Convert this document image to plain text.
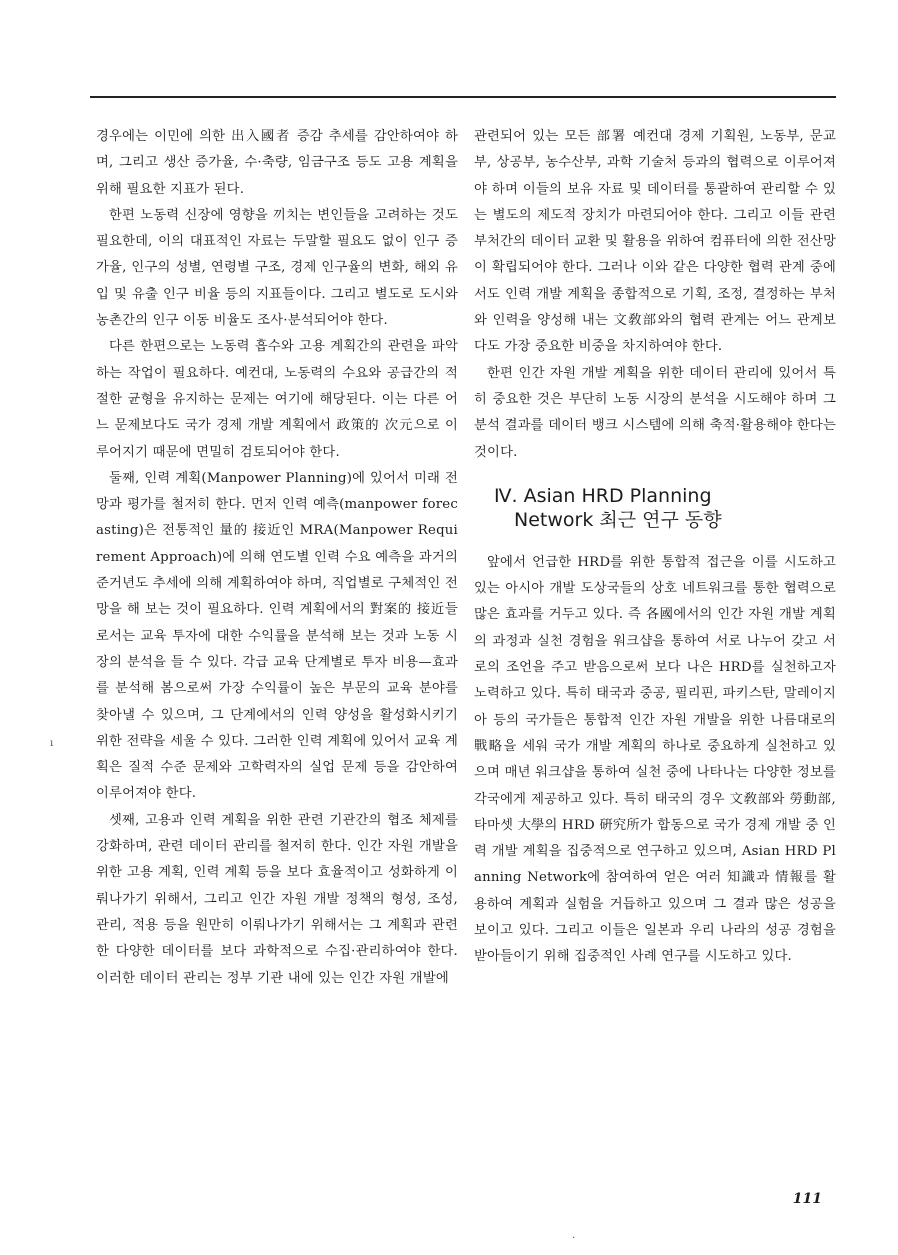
경우에는 이민에 의한 出入國者 증감 추세를 감안하여야 하며, 그리고 생산 증가율, 수·축량, 임금구조 등도 고용 계획을 위해 필요한 지표가 된다.

한편 노동력 신장에 영향을 끼치는 변인들을 고려하는 것도 필요한데, 이의 대표적인 자료는 두말할 필요도 없이 인구 증가율, 인구의 성별, 연령별 구조, 경제 인구율의 변화, 해외 유입 및 유출 인구 비율 등의 지표들이다. 그리고 별도로 도시와 농촌간의 인구 이동 비율도 조사·분석되어야 한다.

다른 한편으로는 노동력 흡수와 고용 계획간의 관련을 파악하는 작업이 필요하다. 예컨대, 노동력의 수요와 공급간의 적절한 균형을 유지하는 문제는 여기에 해당된다. 이는 다른 어느 문제보다도 국가 경제 개발 계획에서 政策的 次元으로 이루어지기 때문에 면밀히 검토되어야 한다.

둘째, 인력 계획(Manpower Planning)에 있어서 미래 전망과 평가를 철저히 한다. 먼저 인력 예측(manpower forecasting)은 전통적인 量的 接近인 MRA(Manpower Requirement Approach)에 의해 연도별 인력 수요 예측을 과거의 준거년도 추세에 의해 계획하여야 하며, 직업별로 구체적인 전망을 해 보는 것이 필요하다. 인력 계획에서의 對案的 接近들로서는 교육 투자에 대한 수익률을 분석해 보는 것과 노동 시장의 분석을 들 수 있다. 각급 교육 단계별로 투자 비용—효과를 분석해 봄으로써 가장 수익률이 높은 부문의 교육 분야를 찾아낼 수 있으며, 그 단계에서의 인력 양성을 활성화시키기 위한 전략을 세울 수 있다. 그러한 인력 계획에 있어서 교육 계획은 질적 수준 문제와 고학력자의 실업 문제 등을 감안하여 이루어져야 한다.

셋째, 고용과 인력 계획을 위한 관련 기관간의 협조 체제를 강화하며, 관련 데이터 관리를 철저히 한다. 인간 자원 개발을 위한 고용 계획, 인력 계획 등을 보다 효율적이고 성화하게 이뤄나가기 위해서, 그리고 인간 자원 개발 정책의 형성, 조성, 관리, 적용 등을 원만히 이뤄나가기 위해서는 그 계획과 관련한 다양한 데이터를 보다 과학적으로 수집·관리하여야 한다. 이러한 데이터 관리는 정부 기관 내에 있는 인간 자원 개발에

관련되어 있는 모든 部署 예컨대 경제 기획원, 노동부, 문교부, 상공부, 농수산부, 과학 기술처 등과의 협력으로 이루어져야 하며 이들의 보유 자료 및 데이터를 통괄하여 관리할 수 있는 별도의 제도적 장치가 마련되어야 한다. 그리고 이들 관련 부처간의 데이터 교환 및 활용을 위하여 컴퓨터에 의한 전산망이 확립되어야 한다. 그러나 이와 같은 다양한 협력 관계 중에서도 인력 개발 계획을 종합적으로 기획, 조정, 결정하는 부처와 인력을 양성해 내는 文敎部와의 협력 관계는 어느 관계보다도 가장 중요한 비중을 차지하여야 한다.

한편 인간 자원 개발 계획을 위한 데이터 관리에 있어서 특히 중요한 것은 부단히 노동 시장의 분석을 시도해야 하며 그 분석 결과를 데이터 뱅크 시스템에 의해 축적·활용해야 한다는 것이다.

Ⅳ. Asian HRD Planning
Network 최근 연구 동향

앞에서 언급한 HRD를 위한 통합적 접근을 이를 시도하고 있는 아시아 개발 도상국들의 상호 네트워크를 통한 협력으로 많은 효과를 거두고 있다. 즉 各國에서의 인간 자원 개발 계획의 과정과 실천 경험을 워크샵을 통하여 서로 나누어 갖고 서로의 조언을 주고 받음으로써 보다 나은 HRD를 실천하고자 노력하고 있다. 특히 태국과 중공, 필리핀, 파키스탄, 말레이지아 등의 국가들은 통합적 인간 자원 개발을 위한 나름대로의 戰略을 세워 국가 개발 계획의 하나로 중요하게 실천하고 있으며 매년 워크샵을 통하여 실천 중에 나타나는 다양한 정보를 각국에게 제공하고 있다. 특히 태국의 경우 文敎部와 勞動部, 타마셋 大學의 HRD 硏究所가 합동으로 국가 경제 개발 중 인력 개발 계획을 집중적으로 연구하고 있으며, Asian HRD Planning Network에 참여하여 얻은 여러 知識과 情報를 활용하여 계획과 실험을 거듭하고 있으며 그 결과 많은 성공을 보이고 있다. 그리고 이들은 일본과 우리 나라의 성공 경험을 받아들이기 위해 집중적인 사례 연구를 시도하고 있다.

ı
·
111
